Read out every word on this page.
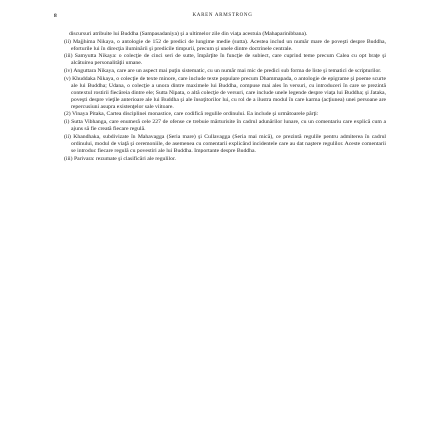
8	KAREN ARMSTRONG

discursuri atribuite lui Buddha (Sampasadaniya) şi a ultimelor zile din viaţa acestuia (Mahaparinibbana).

(ii) Majjhima Nikaya, o antologie de 152 de predici de lungime medie (sutta). Acestea includ un număr mare de poveşti despre Buddha, eforturile lui în direcţia iluminării şi predicile timpurii, precum şi unele dintre doctrinele centrale.

(iii) Samyutta Nikaya: o colecţie de cinci seri de sutte, împărţite în funcţie de subiect, care cuprind teme precum Calea cu opt braţe şi alcătuirea personalităţii umane.

(iv) Anguttara Nikaya, care are un aspect mai puţin sistematic, cu un număr mai mic de predici sub forma de liste şi tematici de scripturilor.

(v) Khuddaka Nikaya, o colecţie de texte minore, care include texte populare precum Dhammapada, o antologie de epigrame şi poeme scurte ale lui Buddha; Udana, o colecţie a unora dintre maximele lui Buddha, compuse mai ales în versuri, cu introduceri în care se prezintă contextul rostirii fiecăreia dintre ele; Sutta Nipata, o altă colecţie de versuri, care include unele legende despre viaţa lui Buddha; şi Jataka, poveşti despre vieţile anterioare ale lui Buddha şi ale însoţitorilor lui, cu rol de a ilustra modul în care karma (acţiunea) unei persoane are repercusiuni asupra existenţelor sale viitoare.

(2) Vinaya Pitaka, Cartea disciplinei monastice, care codifică regulile ordinului. Ea include şi următoarele părţi:

(i) Sutta Vibhanga, care enumeră cele 227 de ofense ce trebuie mărturisite în cadrul adunărilor lunare, cu un comentariu care explică cum a ajuns să fie creată fiecare regulă.

(ii) Khandhaka, subdivizate în Mahavagga (Seria mare) şi Cullavagga (Seria mai mică), ce prezintă regulile pentru admiterea în cadrul ordinului, modul de viaţă şi ceremoniile, de asemenea cu comentarii explicând incidentele care au dat naştere regulilor. Aceste comentarii se introduc fiecare regulă cu povestiri ale lui Buddha. Importante despre Buddha.

(iii) Parivara: rezumate şi clasificări ale regulilor.
